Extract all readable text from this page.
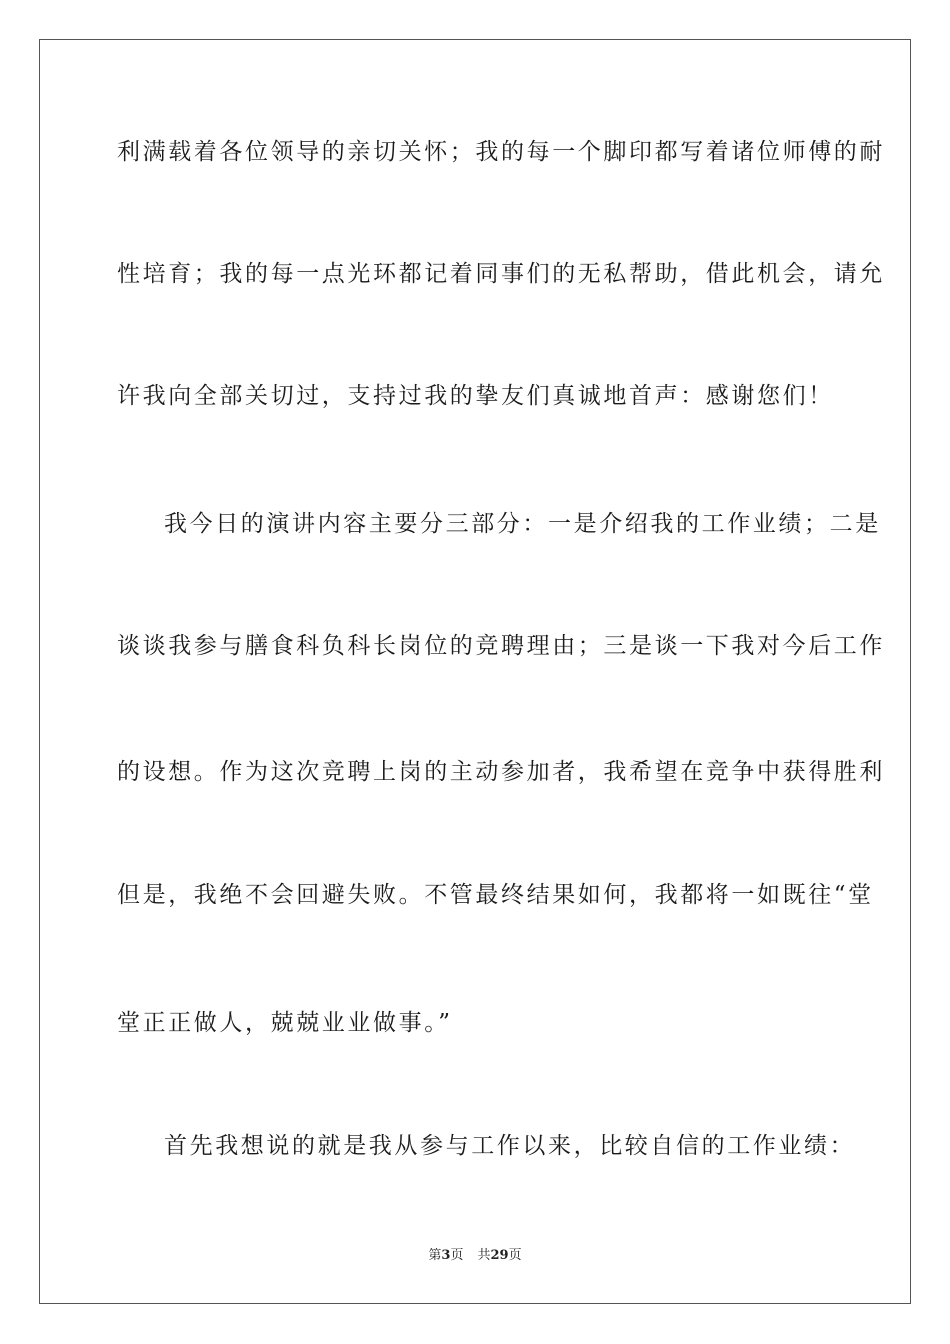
利满载着各位领导的亲切关怀；我的每一个脚印都写着诸位师傅的耐
性培育；我的每一点光环都记着同事们的无私帮助，借此机会，请允
许我向全部关切过，支持过我的挚友们真诚地首声：感谢您们！
我今日的演讲内容主要分三部分：一是介绍我的工作业绩；二是
谈谈我参与膳食科负科长岗位的竞聘理由；三是谈一下我对今后工作
的设想。作为这次竞聘上岗的主动参加者，我希望在竞争中获得胜利
但是，我绝不会回避失败。不管最终结果如何，我都将一如既往“堂
堂正正做人，兢兢业业做事。”
首先我想说的就是我从参与工作以来，比较自信的工作业绩：
第3页 共29页
